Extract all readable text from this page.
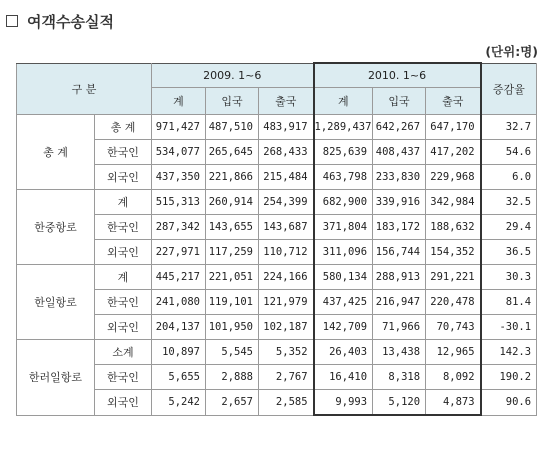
여객수송실적
(단위:명)
구 분		2009. 1~6			2010. 1~6			증감율
		계	입국	출국	계	입국	출국	
총 계	총 계	971,427	487,510	483,917	1,289,437	642,267	647,170	32.7
	한국인	534,077	265,645	268,433	825,639	408,437	417,202	54.6
	외국인	437,350	221,866	215,484	463,798	233,830	229,968	6.0
한중항로	계	515,313	260,914	254,399	682,900	339,916	342,984	32.5
	한국인	287,342	143,655	143,687	371,804	183,172	188,632	29.4
	외국인	227,971	117,259	110,712	311,096	156,744	154,352	36.5
한일항로	계	445,217	221,051	224,166	580,134	288,913	291,221	30.3
	한국인	241,080	119,101	121,979	437,425	216,947	220,478	81.4
	외국인	204,137	101,950	102,187	142,709	71,966	70,743	-30.1
한러일항로	소계	10,897	5,545	5,352	26,403	13,438	12,965	142.3
	한국인	5,655	2,888	2,767	16,410	8,318	8,092	190.2
	외국인	5,242	2,657	2,585	9,993	5,120	4,873	90.6
